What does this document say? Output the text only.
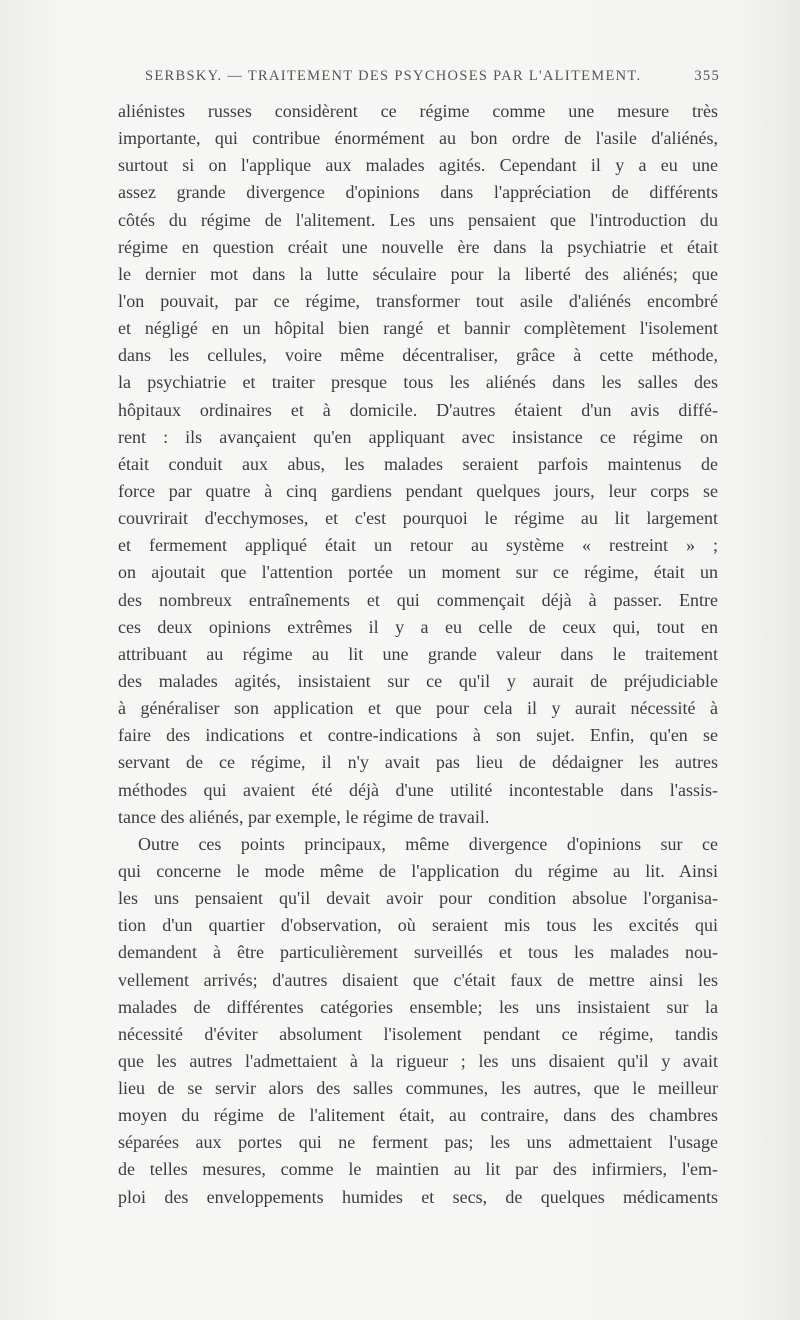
SERBSKY. — TRAITEMENT DES PSYCHOSES PAR L'ALITEMENT.	355
aliénistes russes considèrent ce régime comme une mesure très
importante, qui contribue énormément au bon ordre de l'asile d'aliénés,
surtout si on l'applique aux malades agités. Cependant il y a eu une
assez grande divergence d'opinions dans l'appréciation de différents
côtés du régime de l'alitement. Les uns pensaient que l'introduction du
régime en question créait une nouvelle ère dans la psychiatrie et était
le dernier mot dans la lutte séculaire pour la liberté des aliénés; que
l'on pouvait, par ce régime, transformer tout asile d'aliénés encombré
et négligé en un hôpital bien rangé et bannir complètement l'isolement
dans les cellules, voire même décentraliser, grâce à cette méthode,
la psychiatrie et traiter presque tous les aliénés dans les salles des
hôpitaux ordinaires et à domicile. D'autres étaient d'un avis diffé-
rent : ils avançaient qu'en appliquant avec insistance ce régime on
était conduit aux abus, les malades seraient parfois maintenus de
force par quatre à cinq gardiens pendant quelques jours, leur corps se
couvrirait d'ecchymoses, et c'est pourquoi le régime au lit largement
et fermement appliqué était un retour au système « restreint » ;
on ajoutait que l'attention portée un moment sur ce régime, était un
des nombreux entraînements et qui commençait déjà à passer. Entre
ces deux opinions extrêmes il y a eu celle de ceux qui, tout en
attribuant au régime au lit une grande valeur dans le traitement
des malades agités, insistaient sur ce qu'il y aurait de préjudiciable
à généraliser son application et que pour cela il y aurait nécessité à
faire des indications et contre-indications à son sujet. Enfin, qu'en se
servant de ce régime, il n'y avait pas lieu de dédaigner les autres
méthodes qui avaient été déjà d'une utilité incontestable dans l'assis-
tance des aliénés, par exemple, le régime de travail.
Outre ces points principaux, même divergence d'opinions sur ce
qui concerne le mode même de l'application du régime au lit. Ainsi
les uns pensaient qu'il devait avoir pour condition absolue l'organisa-
tion d'un quartier d'observation, où seraient mis tous les excités qui
demandent à être particulièrement surveillés et tous les malades nou-
vellement arrivés; d'autres disaient que c'était faux de mettre ainsi les
malades de différentes catégories ensemble; les uns insistaient sur la
nécessité d'éviter absolument l'isolement pendant ce régime, tandis
que les autres l'admettaient à la rigueur ; les uns disaient qu'il y avait
lieu de se servir alors des salles communes, les autres, que le meilleur
moyen du régime de l'alitement était, au contraire, dans des chambres
séparées aux portes qui ne ferment pas; les uns admettaient l'usage
de telles mesures, comme le maintien au lit par des infirmiers, l'em-
ploi des enveloppements humides et secs, de quelques médicaments
